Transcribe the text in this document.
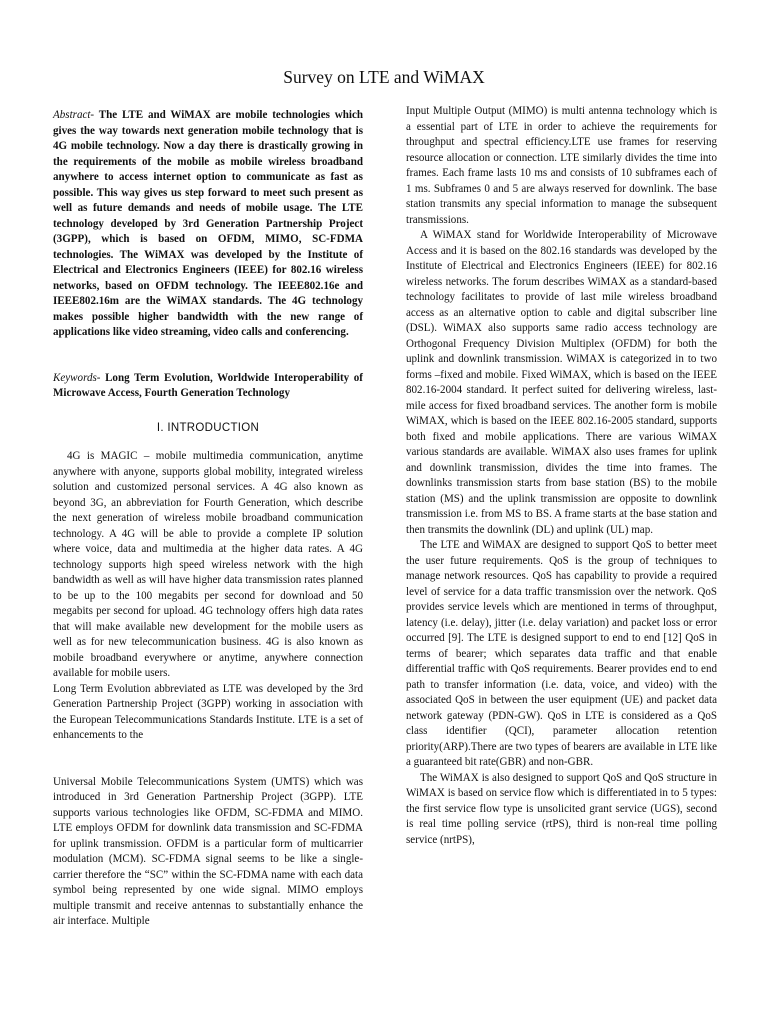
Survey on LTE and WiMAX

Abstract- The LTE and WiMAX are mobile technologies which gives the way towards next generation mobile technology that is 4G mobile technology. Now a day there is drastically growing in the requirements of the mobile as mobile wireless broadband anywhere to access internet option to communicate as fast as possible. This way gives us step forward to meet such present as well as future demands and needs of mobile usage. The LTE technology developed by 3rd Generation Partnership Project (3GPP), which is based on OFDM, MIMO, SC-FDMA technologies. The WiMAX was developed by the Institute of Electrical and Electronics Engineers (IEEE) for 802.16 wireless networks, based on OFDM technology. The IEEE802.16e and IEEE802.16m are the WiMAX standards. The 4G technology makes possible higher bandwidth with the new range of applications like video streaming, video calls and conferencing.

Keywords- Long Term Evolution, Worldwide Interoperability of Microwave Access, Fourth Generation Technology

I. INTRODUCTION

4G is MAGIC – mobile multimedia communication, anytime anywhere with anyone, supports global mobility, integrated wireless solution and customized personal services. A 4G also known as beyond 3G, an abbreviation for Fourth Generation, which describe the next generation of wireless mobile broadband communication technology. A 4G will be able to provide a complete IP solution where voice, data and multimedia at the higher data rates. A 4G technology supports high speed wireless network with the high bandwidth as well as will have higher data transmission rates planned to be up to the 100 megabits per second for download and 50 megabits per second for upload. 4G technology offers high data rates that will make available new development for the mobile users as well as for new telecommunication business. 4G is also known as mobile broadband everywhere or anytime, anywhere connection available for mobile users.

Long Term Evolution abbreviated as LTE was developed by the 3rd Generation Partnership Project (3GPP) working in association with the European Telecommunications Standards Institute. LTE is a set of enhancements to the

Universal Mobile Telecommunications System (UMTS) which was introduced in 3rd Generation Partnership Project (3GPP). LTE supports various technologies like OFDM, SC-FDMA and MIMO. LTE employs OFDM for downlink data transmission and SC-FDMA for uplink transmission. OFDM is a particular form of multicarrier modulation (MCM). SC-FDMA signal seems to be like a single-carrier therefore the “SC” within the SC-FDMA name with each data symbol being represented by one wide signal. MIMO employs multiple transmit and receive antennas to substantially enhance the air interface. Multiple

Input Multiple Output (MIMO) is multi antenna technology which is a essential part of LTE in order to achieve the requirements for throughput and spectral efficiency.LTE use frames for reserving resource allocation or connection. LTE similarly divides the time into frames. Each frame lasts 10 ms and consists of 10 subframes each of 1 ms. Subframes 0 and 5 are always reserved for downlink. The base station transmits any special information to manage the subsequent transmissions.

A WiMAX stand for Worldwide Interoperability of Microwave Access and it is based on the 802.16 standards was developed by the Institute of Electrical and Electronics Engineers (IEEE) for 802.16 wireless networks. The forum describes WiMAX as a standard-based technology facilitates to provide of last mile wireless broadband access as an alternative option to cable and digital subscriber line (DSL). WiMAX also supports same radio access technology are Orthogonal Frequency Division Multiplex (OFDM) for both the uplink and downlink transmission. WiMAX is categorized in to two forms –fixed and mobile. Fixed WiMAX, which is based on the IEEE 802.16-2004 standard. It perfect suited for delivering wireless, last-mile access for fixed broadband services. The another form is mobile WiMAX, which is based on the IEEE 802.16-2005 standard, supports both fixed and mobile applications. There are various WiMAX various standards are available. WiMAX also uses frames for uplink and downlink transmission, divides the time into frames. The downlinks transmission starts from base station (BS) to the mobile station (MS) and the uplink transmission are opposite to downlink transmission i.e. from MS to BS. A frame starts at the base station and then transmits the downlink (DL) and uplink (UL) map.

The LTE and WiMAX are designed to support QoS to better meet the user future requirements. QoS is the group of techniques to manage network resources. QoS has capability to provide a required level of service for a data traffic transmission over the network. QoS provides service levels which are mentioned in terms of throughput, latency (i.e. delay), jitter (i.e. delay variation) and packet loss or error occurred [9]. The LTE is designed support to end to end [12] QoS in terms of bearer; which separates data traffic and that enable differential traffic with QoS requirements. Bearer provides end to end path to transfer information (i.e. data, voice, and video) with the associated QoS in between the user equipment (UE) and packet data network gateway (PDN-GW). QoS in LTE is considered as a QoS class identifier (QCI), parameter allocation retention priority(ARP).There are two types of bearers are available in LTE like a guaranteed bit rate(GBR) and non-GBR.

The WiMAX is also designed to support QoS and QoS structure in WiMAX is based on service flow which is differentiated in to 5 types: the first service flow type is unsolicited grant service (UGS), second is real time polling service (rtPS), third is non-real time polling service (nrtPS),
